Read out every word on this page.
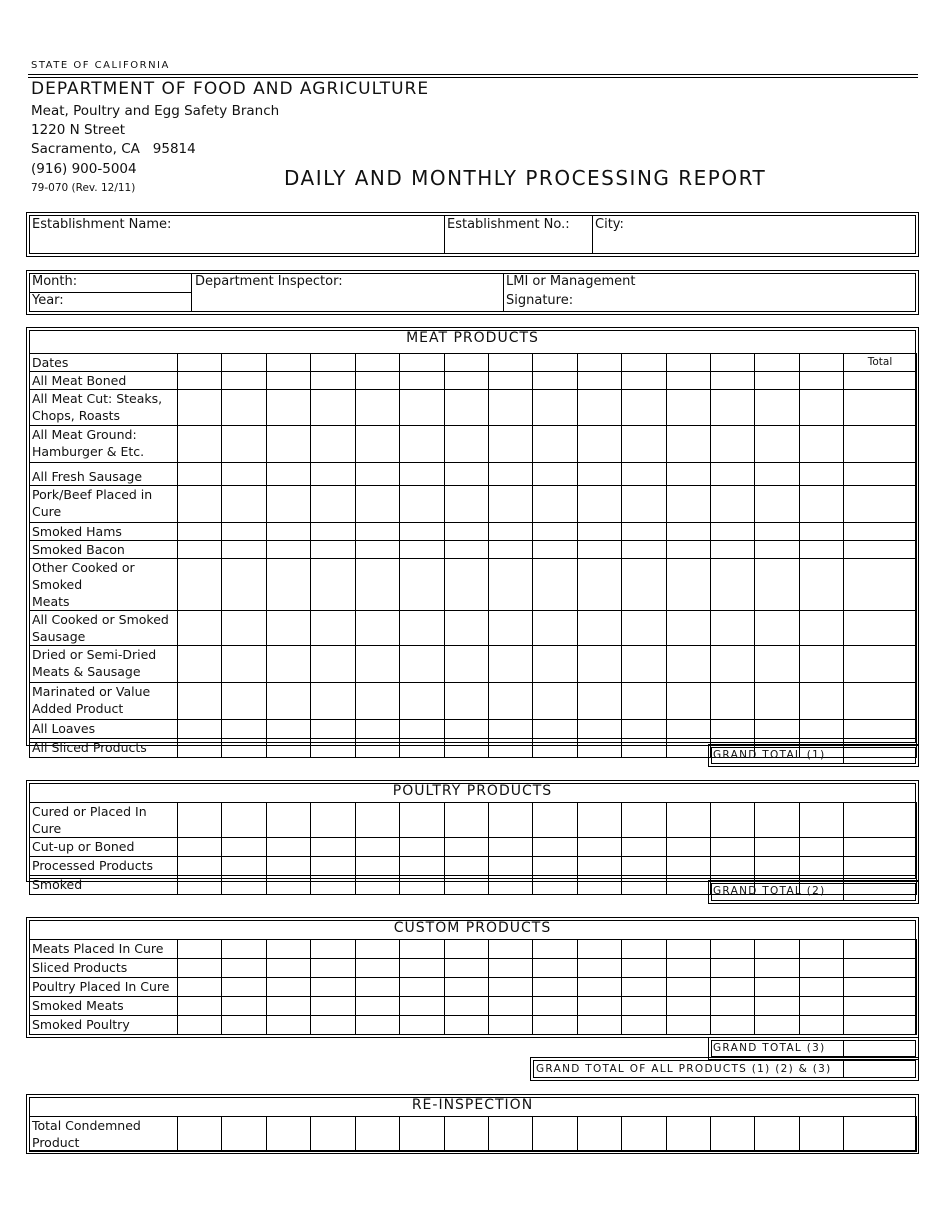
STATE OF CALIFORNIA
DEPARTMENT OF FOOD AND AGRICULTURE
Meat, Poultry and Egg Safety Branch
1220 N Street
Sacramento, CA   95814
(916) 900-5004
79-070 (Rev. 12/11)	DAILY AND MONTHLY PROCESSING REPORT
Establishment Name:	Establishment No.: City:
Month:
Year:
Department Inspector:	LMI or Management
Signature:
MEAT PRODUCTS
Dates																Total
All Meat Boned																
All Meat Cut: Steaks,
Chops, Roasts																
All Meat Ground:
Hamburger & Etc.																
All Fresh Sausage																
Pork/Beef Placed in Cure																
Smoked Hams																
Smoked Bacon																
Other Cooked or Smoked
Meats																
All Cooked or Smoked
Sausage																
Dried or Semi-Dried
Meats & Sausage																
Marinated or Value
Added Product																
All Loaves																
All Sliced Products																	GRAND TOTAL (1)
POULTRY PRODUCTS
Cured or Placed In Cure																
Cut-up or Boned																
Processed Products																
Smoked																	GRAND TOTAL (2)
CUSTOM PRODUCTS
Meats Placed In Cure																
Sliced Products																
Poultry Placed In Cure																
Smoked Meats																
Smoked Poultry																
GRAND TOTAL (3)
GRAND TOTAL OF ALL PRODUCTS (1) (2) & (3)
RE-INSPECTION
Total Condemned
Product																
